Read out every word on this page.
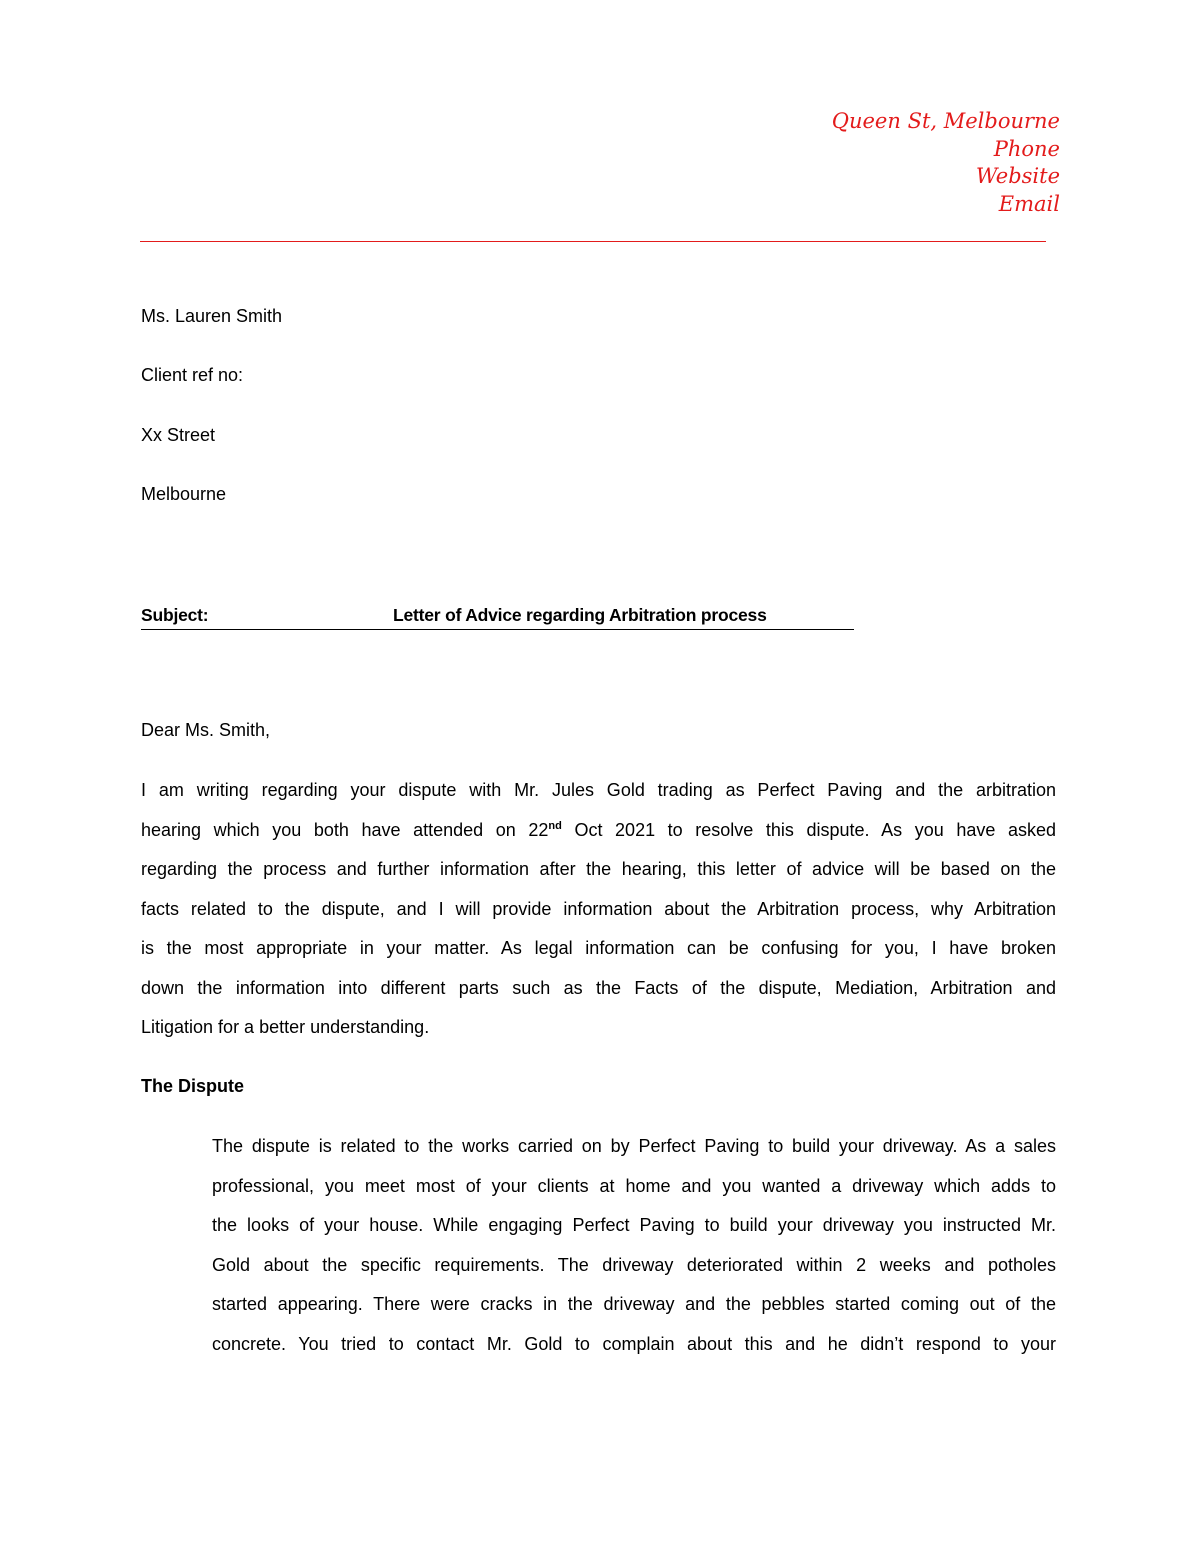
Queen St, Melbourne
Phone
Website
Email
Ms. Lauren Smith
Client ref no:
Xx Street
Melbourne
Subject:	Letter of Advice regarding Arbitration process
Dear Ms. Smith,
I am writing regarding your dispute with Mr. Jules Gold trading as Perfect Paving and the arbitration
hearing which you both have attended on 22nd Oct 2021 to resolve this dispute. As you have asked
regarding the process and further information after the hearing, this letter of advice will be based on the
facts related to the dispute, and I will provide information about the Arbitration process, why Arbitration
is the most appropriate in your matter. As legal information can be confusing for you, I have broken
down the information into different parts such as the Facts of the dispute, Mediation, Arbitration and
Litigation for a better understanding.
The Dispute
The dispute is related to the works carried on by Perfect Paving to build your driveway. As a sales
professional, you meet most of your clients at home and you wanted a driveway which adds to
the looks of your house. While engaging Perfect Paving to build your driveway you instructed Mr.
Gold about the specific requirements. The driveway deteriorated within 2 weeks and potholes
started appearing. There were cracks in the driveway and the pebbles started coming out of the
concrete. You tried to contact Mr. Gold to complain about this and he didn’t respond to your
